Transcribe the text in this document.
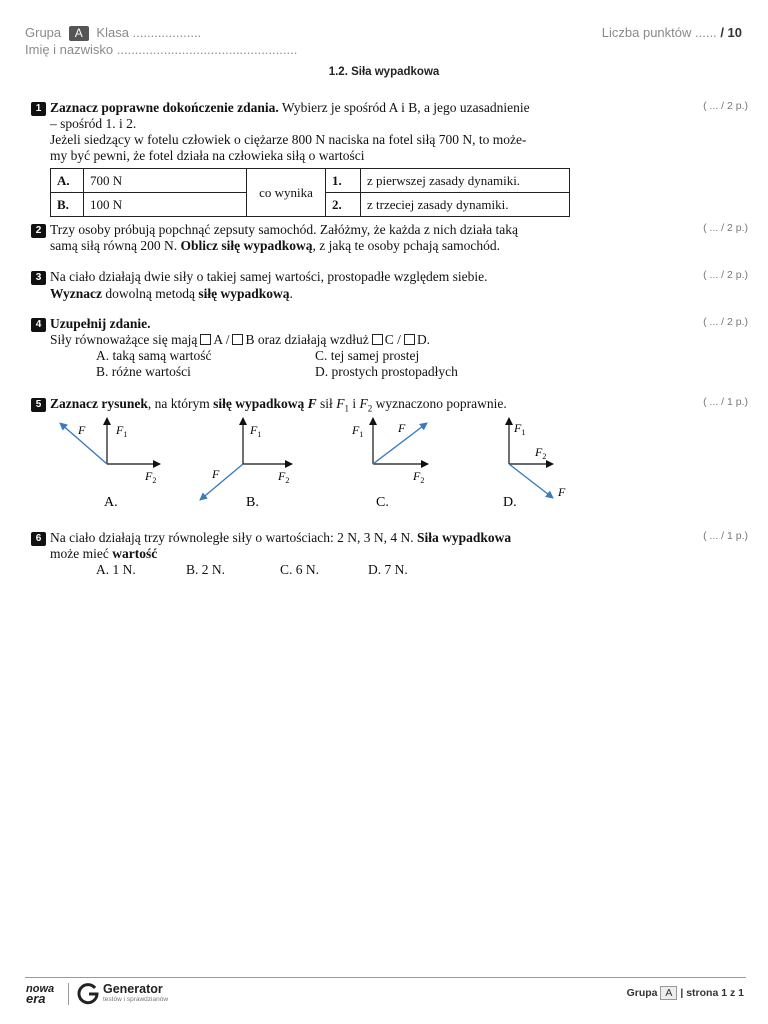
Grupa A Klasa ...................
Imię i nazwisko ..................................................
Liczba punktów ...... / 10
1.2. Siła wypadkowa
1	( ... / 2 p.)
Zaznacz poprawne dokończenie zdania. Wybierz je spośród A i B, a jego uzasadnienie
– spośród 1. i 2.
Jeżeli siedzący w fotelu człowiek o ciężarze 800 N naciska na fotel siłą 700 N, to może-
my być pewni, że fotel działa na człowieka siłą o wartości
A.	700 N	co wynika	1.	z pierwszej zasady dynamiki.
B.	100 N		2.	z trzeciej zasady dynamiki.
2	( ... / 2 p.)
Trzy osoby próbują popchnąć zepsuty samochód. Załóżmy, że każda z nich działa taką
samą siłą równą 200 N. Oblicz siłę wypadkową, z jaką te osoby pchają samochód.
3	( ... / 2 p.)
Na ciało działają dwie siły o takiej samej wartości, prostopadłe względem siebie.
Wyznacz dowolną metodą siłę wypadkową.
4	( ... / 2 p.)
Uzupełnij zdanie.
Siły równoważące się mają A / B oraz działają wzdłuż C / D.
A. taką samą wartość	C. tej samej prostej
B. różne wartości	D. prostych prostopadłych
5	( ... / 1 p.)
Zaznacz rysunek, na którym siłę wypadkową F sił $F_1$ i $F_2$ wyznaczono poprawnie.
F	$F_1$
$F_2$
A.
F
$F_1$
$F_2$
B.
$F_1$	F
$F_2$
C.
$F_1$
$F_2$
F
D.
6	( ... / 1 p.)
Na ciało działają trzy równoległe siły o wartościach: 2 N, 3 N, 4 N. Siła wypadkowa
może mieć wartość
A. 1 N.	B. 2 N.	C. 6 N.	D. 7 N.
nowa
era
Generator
testów i sprawdzianów
Grupa A | strona 1 z 1
